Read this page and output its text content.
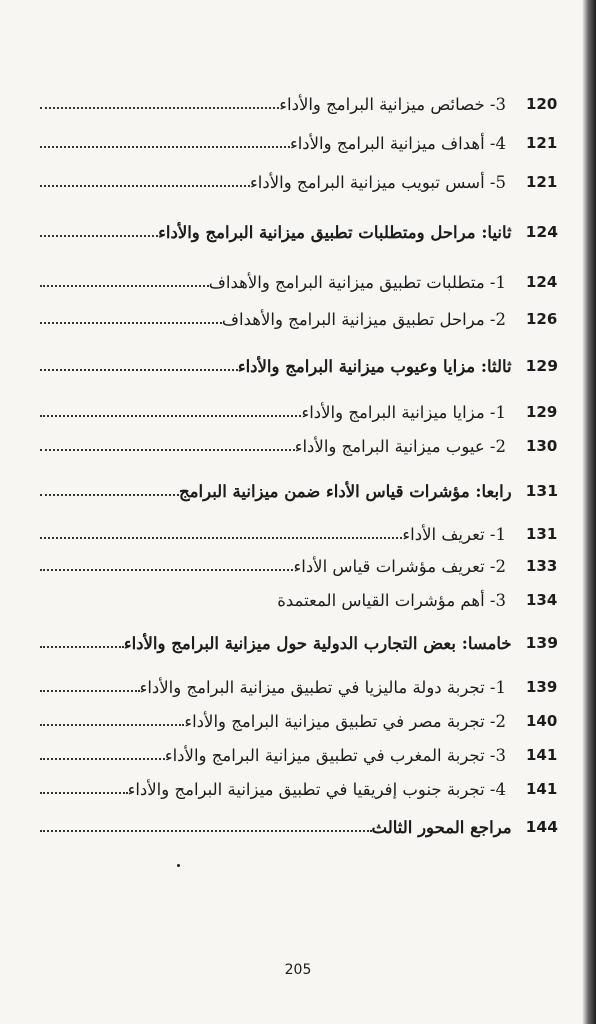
120
3- خصائص ميزانية البرامج والأداء
121
4- أهداف ميزانية البرامج والأداء
121
5- أسس تبويب ميزانية البرامج والأداء
124
ثانيا: مراحل ومتطلبات تطبيق ميزانية البرامج والأداء
124
1- متطلبات تطبيق ميزانية البرامج والأهداف
126
2- مراحل تطبيق ميزانية البرامج والأهداف
129
ثالثا: مزايا وعيوب ميزانية البرامج والأداء
129
1- مزايا ميزانية البرامج والأداء
130
2- عيوب ميزانية البرامج والأداء
131
رابعا: مؤشرات قياس الأداء ضمن ميزانية البرامج
131
1- تعريف الأداء
133
2- تعريف مؤشرات قياس الأداء
134
3- أهم مؤشرات القياس المعتمدة
139
خامسا: بعض التجارب الدولية حول ميزانية البرامج والأداء
139
1- تجربة دولة ماليزيا في تطبيق ميزانية البرامج والأداء
140
2- تجربة مصر في تطبيق ميزانية البرامج والأداء
141
3- تجربة المغرب في تطبيق ميزانية البرامج والأداء
141
4- تجربة جنوب إفريقيا في تطبيق ميزانية البرامج والأداء
144
مراجع المحور الثالث
205
